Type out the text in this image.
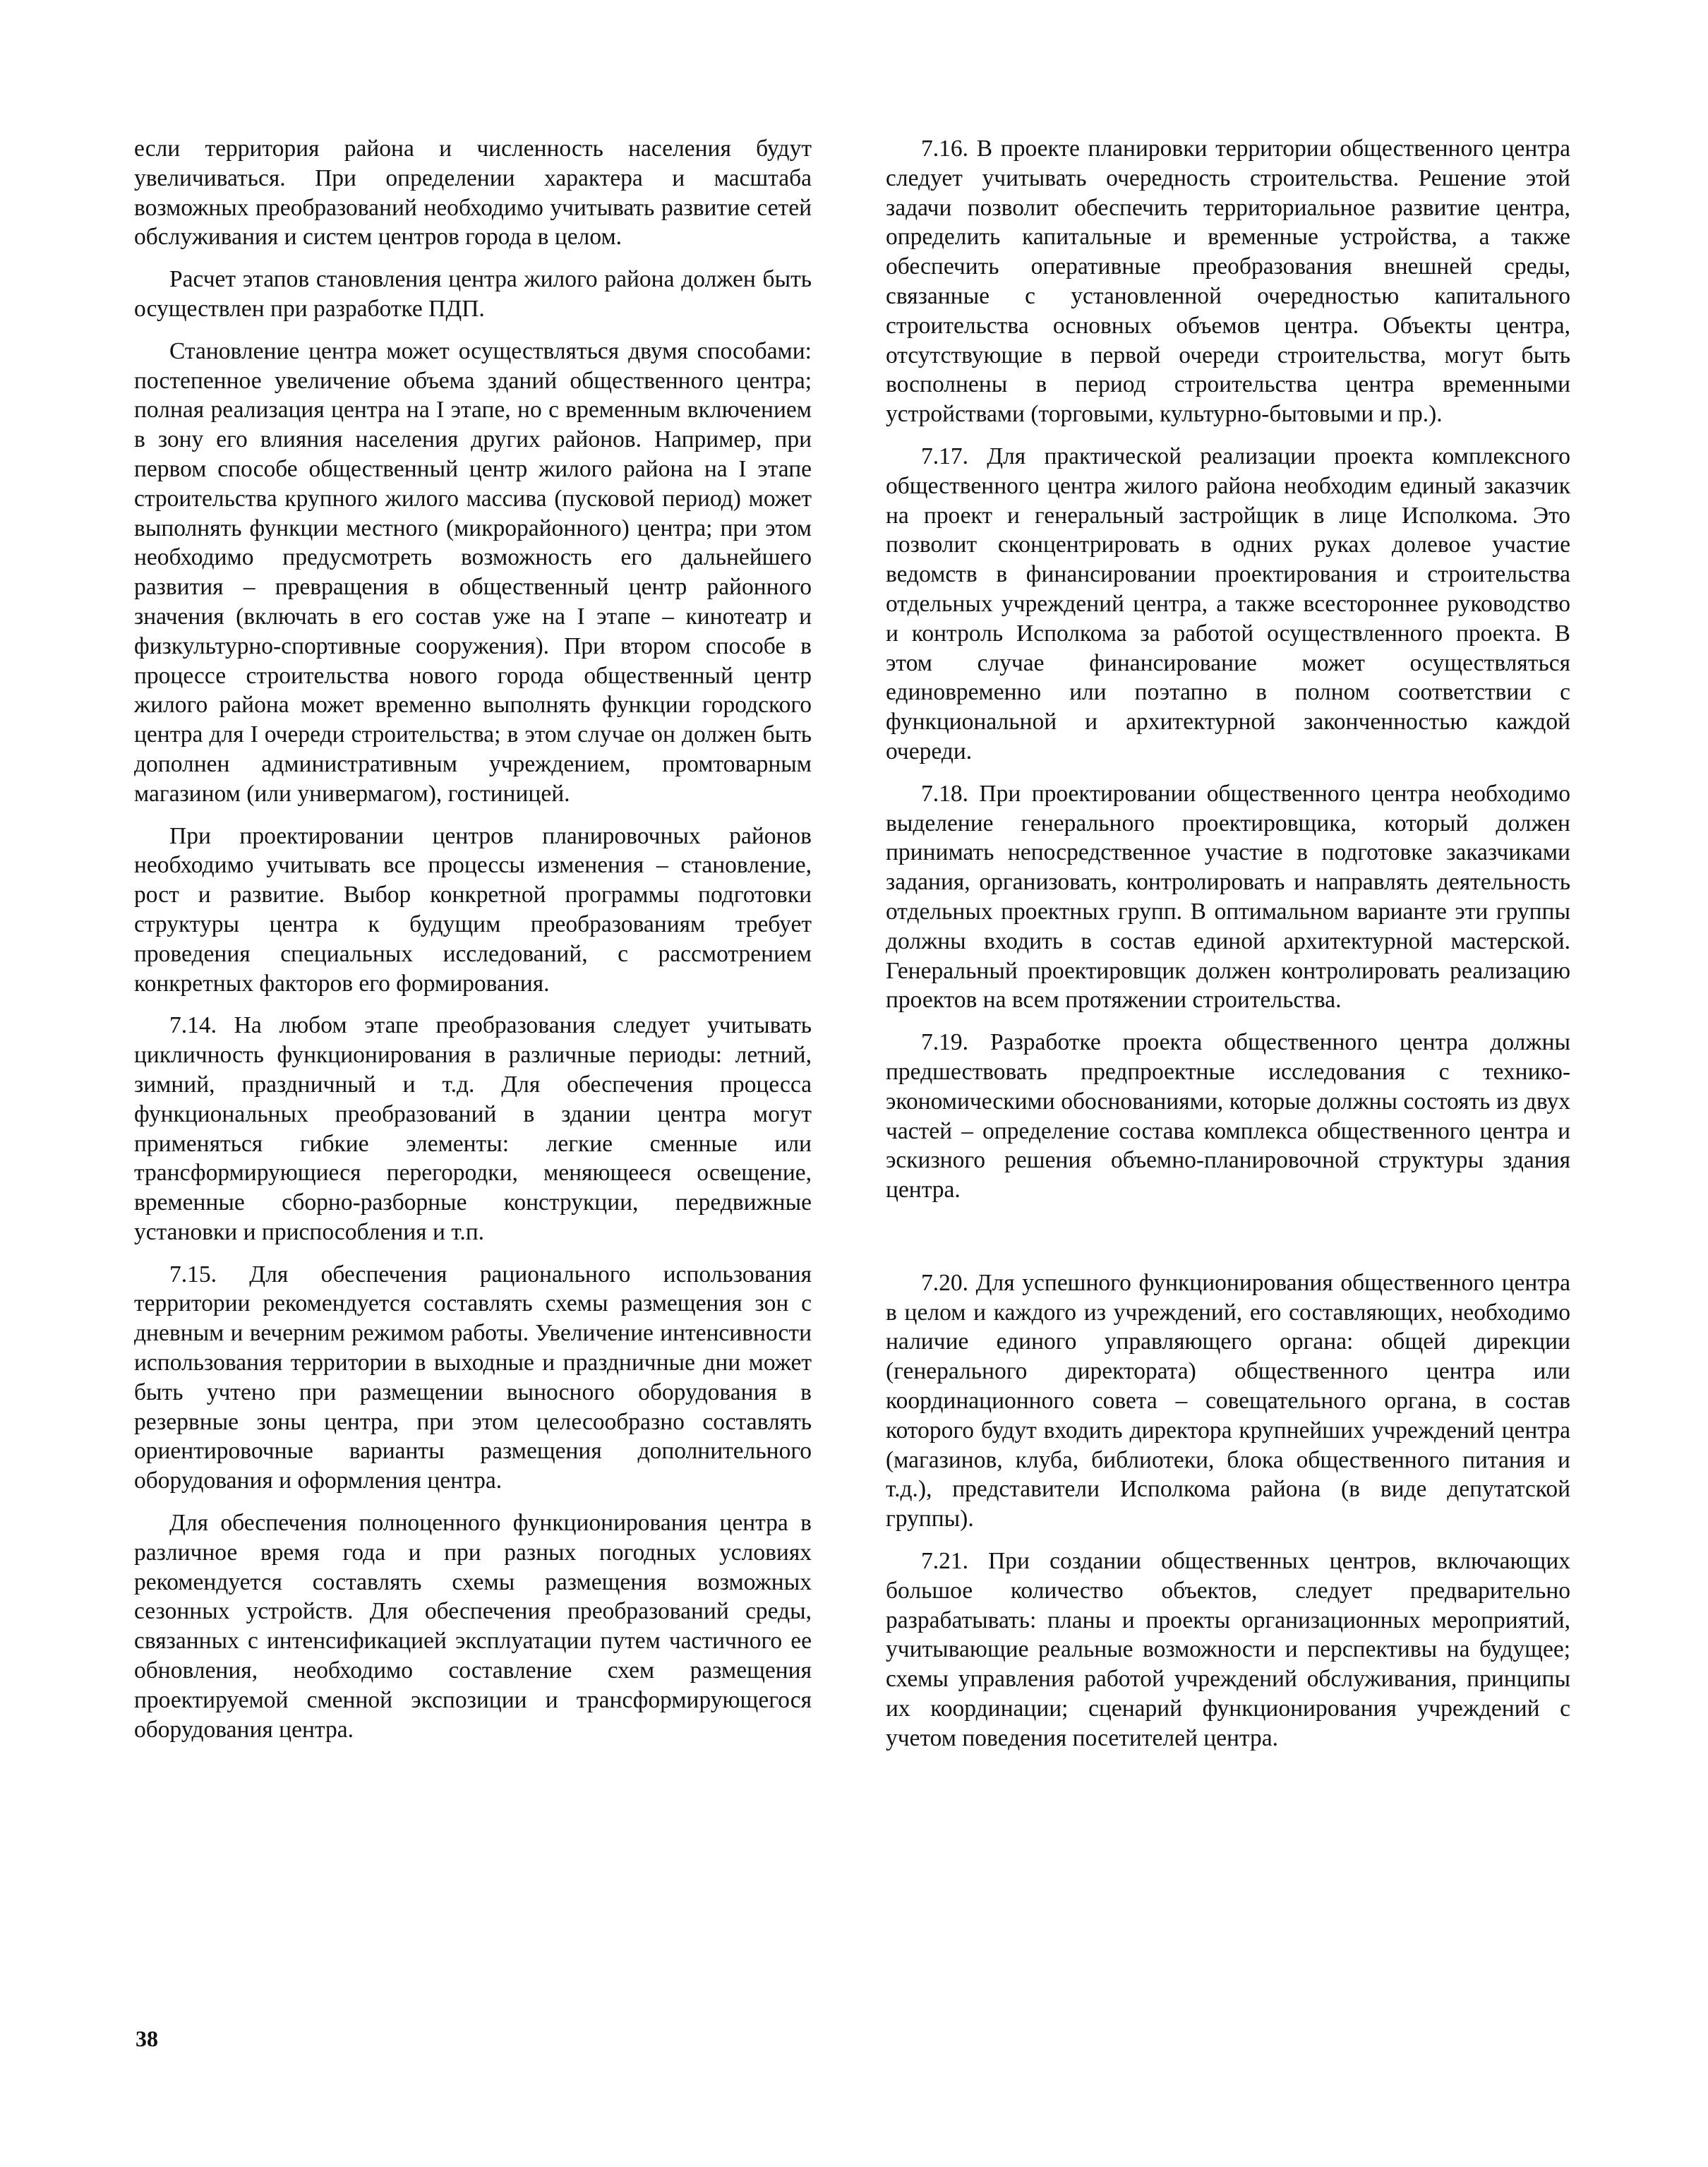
если территория района и численность населения будут увеличиваться. При определении характера и масштаба возможных преобразований необходимо учитывать развитие сетей обслуживания и систем центров города в целом.

Расчет этапов становления центра жилого района должен быть осуществлен при разработке ПДП.

Становление центра может осуществляться двумя способами: постепенное увеличение объема зданий общественного центра; полная реализация центра на I этапе, но с временным включением в зону его влияния населения других районов. Например, при первом способе общественный центр жилого района на I этапе строительства крупного жилого массива (пусковой период) может выполнять функции местного (микрорайонного) центра; при этом необходимо предусмотреть возможность его дальнейшего развития – превращения в общественный центр районного значения (включать в его состав уже на I этапе – кинотеатр и физкультурно-спортивные сооружения). При втором способе в процессе строительства нового города общественный центр жилого района может временно выполнять функции городского центра для I очереди строительства; в этом случае он должен быть дополнен административным учреждением, промтоварным магазином (или универмагом), гостиницей.

При проектировании центров планировочных районов необходимо учитывать все процессы изменения – становление, рост и развитие. Выбор конкретной программы подготовки структуры центра к будущим преобразованиям требует проведения специальных исследований, с рассмотрением конкретных факторов его формирования.

7.14. На любом этапе преобразования следует учитывать цикличность функционирования в различные периоды: летний, зимний, праздничный и т.д. Для обеспечения процесса функциональных преобразований в здании центра могут применяться гибкие элементы: легкие сменные или трансформирующиеся перегородки, меняющееся освещение, временные сборно-разборные конструкции, передвижные установки и приспособления и т.п.

7.15. Для обеспечения рационального использования территории рекомендуется составлять схемы размещения зон с дневным и вечерним режимом работы. Увеличение интенсивности использования территории в выходные и праздничные дни может быть учтено при размещении выносного оборудования в резервные зоны центра, при этом целесообразно составлять ориентировочные варианты размещения дополнительного оборудования и оформления центра.

Для обеспечения полноценного функционирования центра в различное время года и при разных погодных условиях рекомендуется составлять схемы размещения возможных сезонных устройств. Для обеспечения преобразований среды, связанных с интенсификацией эксплуатации путем частичного ее обновления, необходимо составление схем размещения проектируемой сменной экспозиции и трансформирующегося оборудования центра.

7.16. В проекте планировки территории общественного центра следует учитывать очередность строительства. Решение этой задачи позволит обеспечить территориальное развитие центра, определить капитальные и временные устройства, а также обеспечить оперативные преобразования внешней среды, связанные с установленной очередностью капитального строительства основных объемов центра. Объекты центра, отсутствующие в первой очереди строительства, могут быть восполнены в период строительства центра временными устройствами (торговыми, культурно-бытовыми и пр.).

7.17. Для практической реализации проекта комплексного общественного центра жилого района необходим единый заказчик на проект и генеральный застройщик в лице Исполкома. Это позволит сконцентрировать в одних руках долевое участие ведомств в финансировании проектирования и строительства отдельных учреждений центра, а также всестороннее руководство и контроль Исполкома за работой осуществленного проекта. В этом случае финансирование может осуществляться единовременно или поэтапно в полном соответствии с функциональной и архитектурной законченностью каждой очереди.

7.18. При проектировании общественного центра необходимо выделение генерального проектировщика, который должен принимать непосредственное участие в подготовке заказчиками задания, организовать, контролировать и направлять деятельность отдельных проектных групп. В оптимальном варианте эти группы должны входить в состав единой архитектурной мастерской. Генеральный проектировщик должен контролировать реализацию проектов на всем протяжении строительства.

7.19. Разработке проекта общественного центра должны предшествовать предпроектные исследования с технико-экономическими обоснованиями, которые должны состоять из двух частей – определение состава комплекса общественного центра и эскизного решения объемно-планировочной структуры здания центра.

7.20. Для успешного функционирования общественного центра в целом и каждого из учреждений, его составляющих, необходимо наличие единого управляющего органа: общей дирекции (генерального директората) общественного центра или координационного совета – совещательного органа, в состав которого будут входить директора крупнейших учреждений центра (магазинов, клуба, библиотеки, блока общественного питания и т.д.), представители Исполкома района (в виде депутатской группы).

7.21. При создании общественных центров, включающих большое количество объектов, следует предварительно разрабатывать: планы и проекты организационных мероприятий, учитывающие реальные возможности и перспективы на будущее; схемы управления работой учреждений обслуживания, принципы их координации; сценарий функционирования учреждений с учетом поведения посетителей центра.

38
